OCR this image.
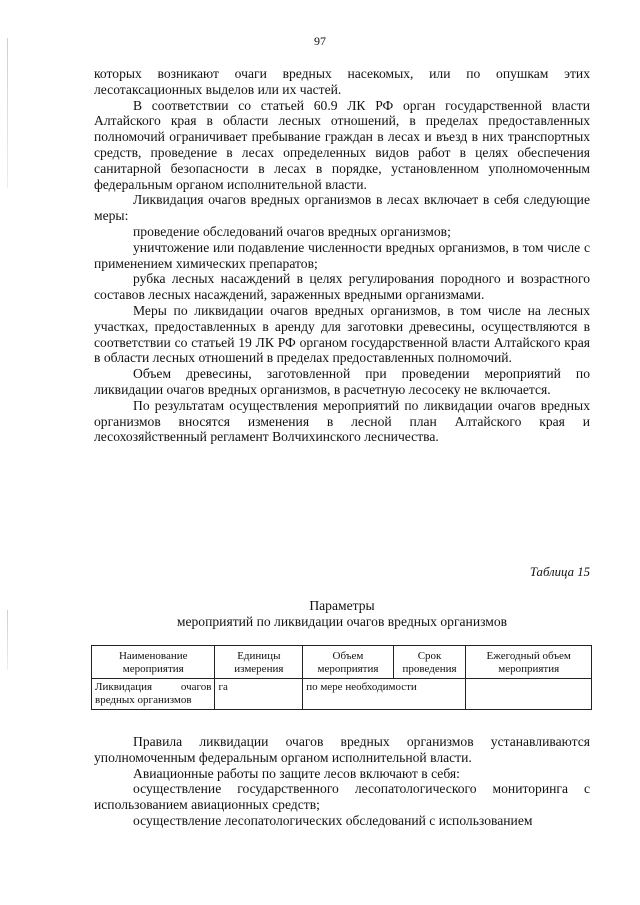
97

которых возникают очаги вредных насекомых, или по опушкам этих лесотаксационных выделов или их частей.

В соответствии со статьей 60.9 ЛК РФ орган государственной власти Алтайского края в области лесных отношений, в пределах предоставленных полномочий ограничивает пребывание граждан в лесах и въезд в них транспортных средств, проведение в лесах определенных видов работ в целях обеспечения санитарной безопасности в лесах в порядке, установленном уполномоченным федеральным органом исполнительной власти.

Ликвидация очагов вредных организмов в лесах включает в себя следующие меры:

проведение обследований очагов вредных организмов;

уничтожение или подавление численности вредных организмов, в том числе с применением химических препаратов;

рубка лесных насаждений в целях регулирования породного и возрастного составов лесных насаждений, зараженных вредными организмами.

Меры по ликвидации очагов вредных организмов, в том числе на лесных участках, предоставленных в аренду для заготовки древесины, осуществляются в соответствии со статьей 19 ЛК РФ органом государственной власти Алтайского края в области лесных отношений в пределах предоставленных полномочий.

Объем древесины, заготовленной при проведении мероприятий по ликвидации очагов вредных организмов, в расчетную лесосеку не включается.

По результатам осуществления мероприятий по ликвидации очагов вредных организмов вносятся изменения в лесной план Алтайского края и лесохозяйственный регламент Волчихинского лесничества.

Таблица 15
Параметры
мероприятий по ликвидации очагов вредных организмов
Наименование мероприятия	Единицы измерения	Объем мероприятия	Срок проведения	Ежегодный объем мероприятия
Ликвидация очагов вредных организмов	га	по мере необходимости		

Правила ликвидации очагов вредных организмов устанавливаются уполномоченным федеральным органом исполнительной власти.

Авиационные работы по защите лесов включают в себя:

осуществление государственного лесопатологического мониторинга с использованием авиационных средств;

осуществление лесопатологических обследований с использованием
